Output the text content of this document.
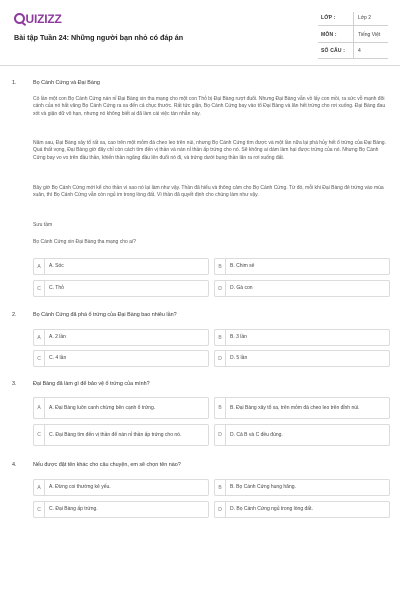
UIZIZZ
Bài tập Tuần 24: Những người bạn nhỏ có đáp án
LỚP :	Lớp 2
MÔN :	Tiếng Việt
SỐ CÂU :	4
1.	Bọ Cánh Cứng và Đại Bàng
Có lần một con Bọ Cánh Cứng nán nỉ Đại Bàng xin tha mạng cho một con Thỏ bị Đại Bàng rượt đuổi. Nhưng Đại Bàng vẫn vồ lấy con mồi, ra sức vỗ mạnh đôi cánh của nó hất văng Bọ Cánh Cứng ra xa đến cả chục thước. Rất tức giận, Bọ Cánh Cứng bay vào tổ Đại Bàng và lăn hết trứng cho rơi xuống. Đại Bàng đau xót và giận dữ vô hạn, nhưng nó không biết ai đã làm cái việc tàn nhẫn này.
Năm sau, Đại Bàng xây tổ rất xa, cao trên một mỏm đá cheo leo trên núi, nhưng Bọ Cánh Cứng tìm được và một lần nữa lại phá hủy hết ổ trứng của Đại Bàng. Quá thất vọng, Đại Bàng giờ đây chỉ còn cách tìm đến vị thần và nán nỉ thần ấp trứng cho nó. Sẽ không ai dám làm hại được trứng của nó. Nhưng Bọ Cánh Cứng bay vo vo trên đầu thần, khiến thần ngẩng đầu lên đuổi nó đi, và trứng dưới bụng thần lăn ra rơi xuống đất.
Bây giờ Bọ Cánh Cứng mới kể cho thần vì sao nó lại làm như vậy. Thần đã hiểu và thông cảm cho Bọ Cánh Cứng. Từ đó, mỗi khi Đại Bàng đẻ trứng vào mùa xuân, thì Bọ Cánh Cứng vẫn còn ngủ im trong lòng đất. Vì thần đã quyết định cho chúng làm như vậy.
Sưu tầm
Bọ Cánh Cứng xin Đại Bàng tha mạng cho ai?
A	A. Sóc	B	B. Chim sẻ
C	C. Thỏ	D	D. Gà con
2.	Bọ Cánh Cứng đã phá ổ trứng của Đại Bàng bao nhiêu lần?
A	A. 2 lần	B	B. 3 lần
C	C. 4 lần	D	D. 5 lần
3.	Đại Bàng đã làm gì để bảo vệ ổ trứng của mình?
A	A. Đại Bàng luôn canh chừng bên cạnh ổ trứng.	B	B. Đại Bàng xây tổ xa, trên mỏm đá cheo leo trên đỉnh núi.
C	C. Đại Bàng tìm đến vị thần để nán nỉ thần ấp trứng cho nó.	D	D. Cả B và C đều đúng.
4.	Nếu được đặt tên khác cho câu chuyện, em sẽ chọn tên nào?
A	A. Đừng coi thường kẻ yếu.	B	B. Bọ Cánh Cứng hung hăng.
C	C. Đại Bàng ấp trứng.	D	D. Bọ Cánh Cứng ngủ trong lòng đất.
